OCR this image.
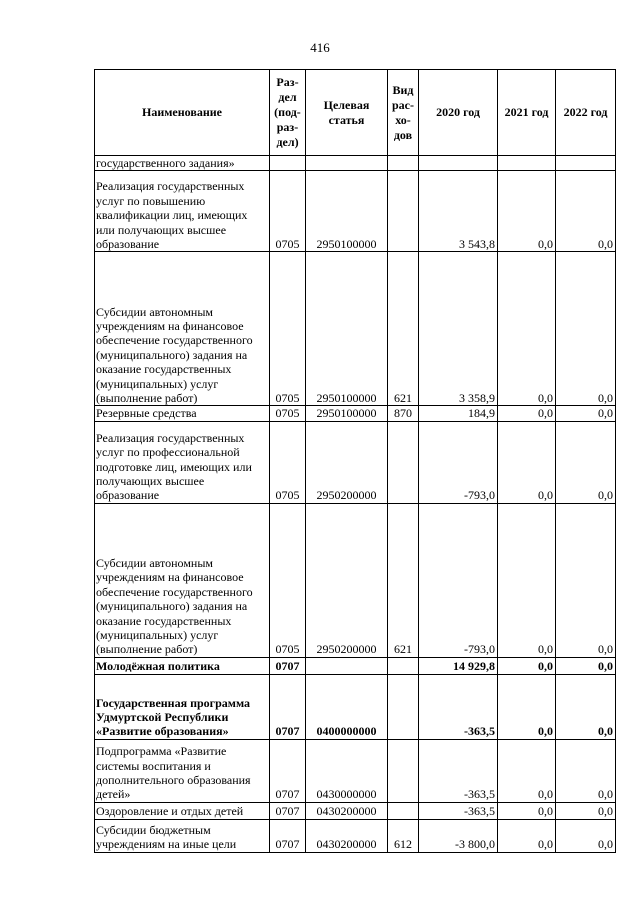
416
Наименование	Раз-дел (под-раз-дел)	Целевая статья	Вид рас-хо-дов	2020 год	2021 год	2022 год
государственного задания»						
Реализация государственных услуг по повышению квалификации лиц, имеющих или получающих высшее образование	0705	2950100000		3 543,8	0,0	0,0
Субсидии автономным учреждениям на финансовое обеспечение государственного (муниципального) задания на оказание государственных (муниципальных) услуг (выполнение работ)	0705	2950100000	621	3 358,9	0,0	0,0
Резервные средства	0705	2950100000	870	184,9	0,0	0,0
Реализация государственных услуг по профессиональной подготовке лиц, имеющих или получающих высшее образование	0705	2950200000		-793,0	0,0	0,0
Субсидии автономным учреждениям на финансовое обеспечение государственного (муниципального) задания на оказание государственных (муниципальных) услуг (выполнение работ)	0705	2950200000	621	-793,0	0,0	0,0
Молодёжная политика	0707			14 929,8	0,0	0,0
Государственная программа Удмуртской Республики «Развитие образования»	0707	0400000000		-363,5	0,0	0,0
Подпрограмма «Развитие системы воспитания и дополнительного образования детей»	0707	0430000000		-363,5	0,0	0,0
Оздоровление и отдых детей	0707	0430200000		-363,5	0,0	0,0
Субсидии бюджетным учреждениям на иные цели	0707	0430200000	612	-3 800,0	0,0	0,0
